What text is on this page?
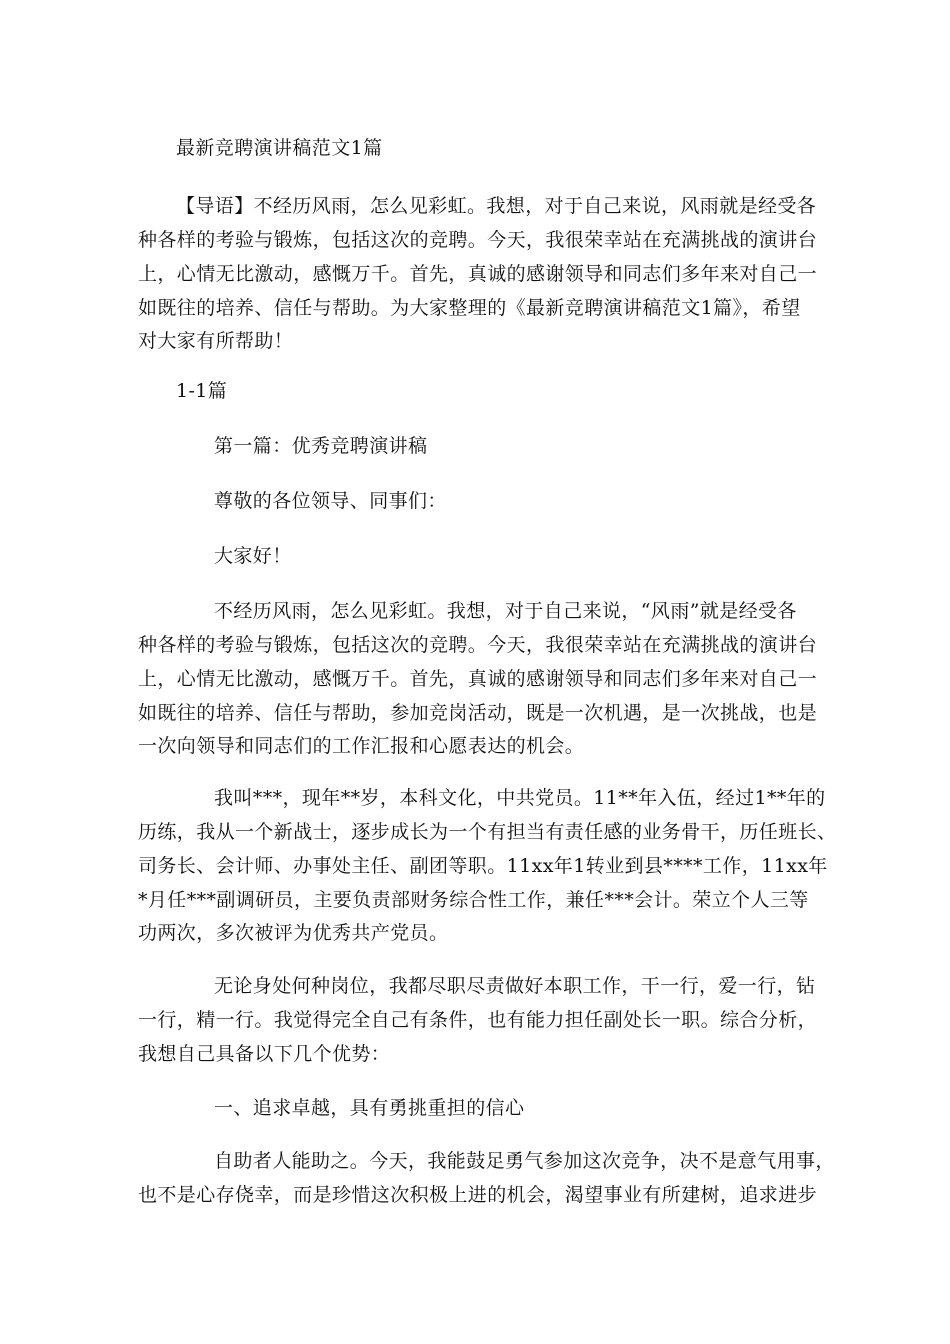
最新竞聘演讲稿范文1篇
【导语】不经历风雨，怎么见彩虹。我想，对于自己来说，风雨就是经受各
种各样的考验与锻炼，包括这次的竞聘。今天，我很荣幸站在充满挑战的演讲台
上，心情无比激动，感慨万千。首先，真诚的感谢领导和同志们多年来对自己一
如既往的培养、信任与帮助。为大家整理的《最新竞聘演讲稿范文1篇》，希望
对大家有所帮助！
1-1篇
第一篇：优秀竞聘演讲稿
尊敬的各位领导、同事们：
大家好！
不经历风雨，怎么见彩虹。我想，对于自己来说，“风雨”就是经受各
种各样的考验与锻炼，包括这次的竞聘。今天，我很荣幸站在充满挑战的演讲台
上，心情无比激动，感慨万千。首先，真诚的感谢领导和同志们多年来对自己一
如既往的培养、信任与帮助，参加竞岗活动，既是一次机遇，是一次挑战，也是
一次向领导和同志们的工作汇报和心愿表达的机会。
我叫***，现年**岁，本科文化，中共党员。11**年入伍，经过1**年的
历练，我从一个新战士，逐步成长为一个有担当有责任感的业务骨干，历任班长、
司务长、会计师、办事处主任、副团等职。11xx年1转业到县****工作，11xx年
*月任***副调研员，主要负责部财务综合性工作，兼任***会计。荣立个人三等
功两次，多次被评为优秀共产党员。
无论身处何种岗位，我都尽职尽责做好本职工作，干一行，爱一行，钻
一行，精一行。我觉得完全自己有条件，也有能力担任副处长一职。综合分析，
我想自己具备以下几个优势：
一、追求卓越，具有勇挑重担的信心
自助者人能助之。今天，我能鼓足勇气参加这次竞争，决不是意气用事，
也不是心存侥幸，而是珍惜这次积极上进的机会，渴望事业有所建树，追求进步
